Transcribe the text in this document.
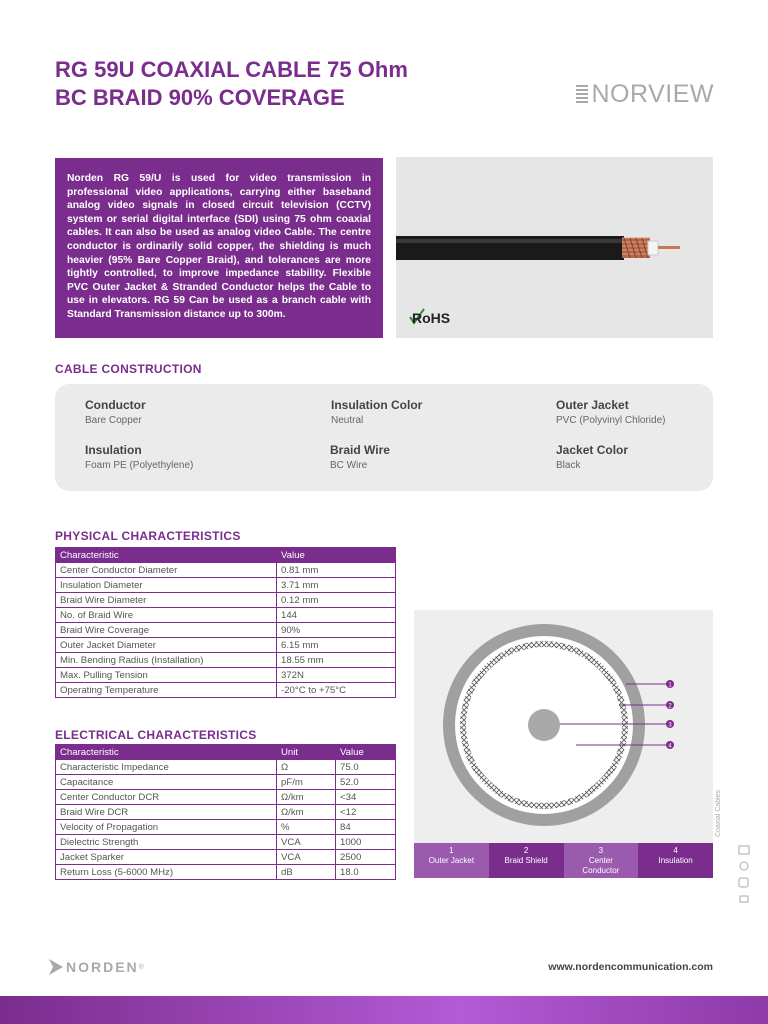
RG 59U COAXIAL CABLE 75 Ohm
BC BRAID 90% COVERAGE	NORVIEW
Norden RG 59/U is used for video transmission in professional video applications, carrying either baseband analog video signals in closed circuit television (CCTV) system or serial digital interface (SDI) using 75 ohm coaxial cables. It can also be used as analog video Cable. The centre conductor is ordinarily solid copper, the shielding is much heavier (95% Bare Copper Braid), and tolerances are more tightly controlled, to improve impedance stability. Flexible PVC Outer Jacket & Stranded Conductor helps the Cable to use in elevators. RG 59 Can be used as a branch cable with Standard Transmission distance up to 300m.	RoHS
CABLE CONSTRUCTION
Conductor
Bare Copper
Insulation Color
Neutral
Outer Jacket
PVC (Polyvinyl Chloride)
Insulation
Foam PE (Polyethylene)
Braid Wire
BC Wire
Jacket Color
Black
PHYSICAL CHARACTERISTICS
Characteristic	Value
Center Conductor Diameter	0.81 mm
Insulation Diameter	3.71 mm
Braid Wire Diameter	0.12 mm
No. of Braid Wire	144
Braid Wire Coverage	90%
Outer Jacket Diameter	6.15 mm
Min. Bending Radius (Installation)	18.55 mm
Max. Pulling Tension	372N
Operating Temperature	-20°C to +75°C
ELECTRICAL CHARACTERISTICS
Characteristic	Unit	Value
Characteristic Impedance	Ω	75.0
Capacitance	pF/m	52.0
Center Conductor DCR	Ω/km	<34
Braid Wire DCR	Ω/km	<12
Velocity of Propagation	%	84
Dielectric Strength	VCA	1000
Jacket Sparker	VCA	2500
Return Loss (5-6000 MHz)	dB	18.0
1
2
3
4
1
Outer Jacket
2
Braid Shield
3
Center Conductor
4
Insulation
Coaxial Cables
NORDEN ®	www.nordencommunication.com
